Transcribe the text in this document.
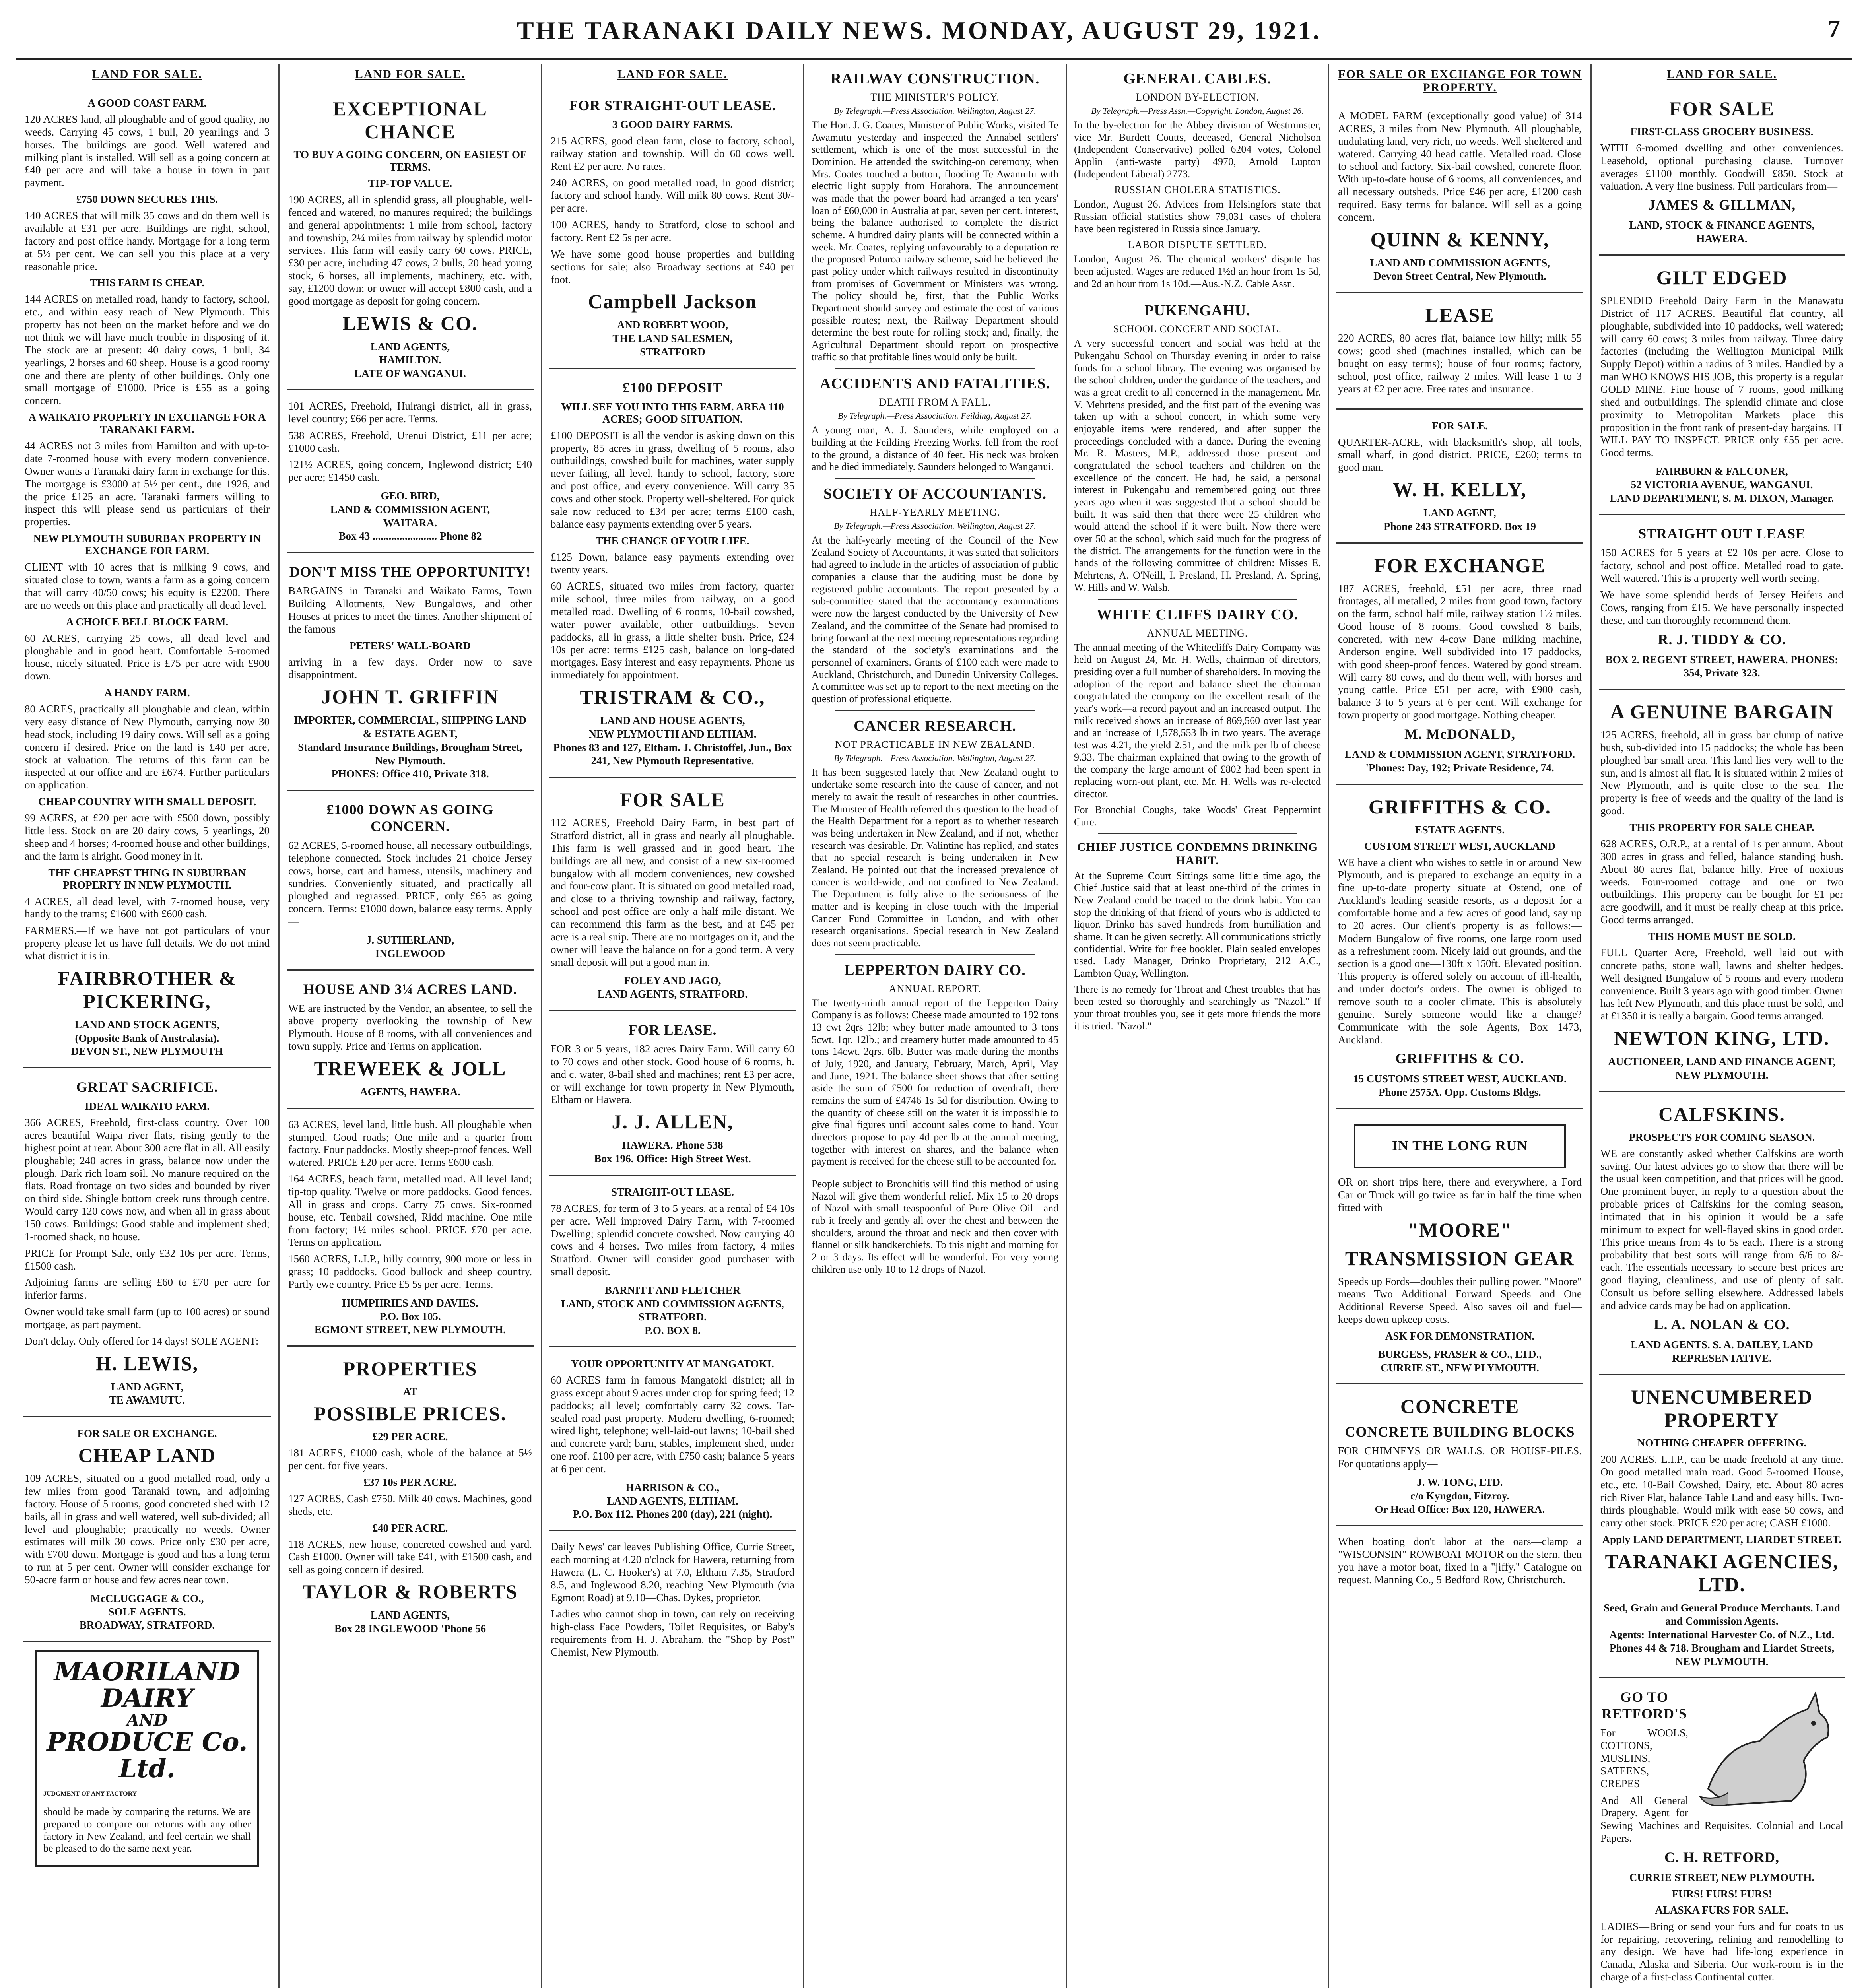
THE TARANAKI DAILY NEWS. MONDAY, AUGUST 29, 1921.	7
LAND FOR SALE.
A GOOD COAST FARM.

120 ACRES land, all ploughable and of good quality, no weeds. Carrying 45 cows, 1 bull, 20 yearlings and 3 horses. The buildings are good. Well watered and milking plant is installed. Will sell as a going concern at £40 per acre and will take a house in town in part payment.

£750 DOWN SECURES THIS.

140 ACRES that will milk 35 cows and do them well is available at £31 per acre. Buildings are right, school, factory and post office handy. Mortgage for a long term at 5½ per cent. We can sell you this place at a very reasonable price.

THIS FARM IS CHEAP.

144 ACRES on metalled road, handy to factory, school, etc., and within easy reach of New Plymouth. This property has not been on the market before and we do not think we will have much trouble in disposing of it. The stock are at present: 40 dairy cows, 1 bull, 34 yearlings, 2 horses and 60 sheep. House is a good roomy one and there are plenty of other buildings. Only one small mortgage of £1000. Price is £55 as a going concern.

A WAIKATO PROPERTY IN EXCHANGE FOR A TARANAKI FARM.

44 ACRES not 3 miles from Hamilton and with up-to-date 7-roomed house with every modern convenience. Owner wants a Taranaki dairy farm in exchange for this. The mortgage is £3000 at 5½ per cent., due 1926, and the price £125 an acre. Taranaki farmers willing to inspect this will please send us particulars of their properties.

NEW PLYMOUTH SUBURBAN PROPERTY IN EXCHANGE FOR FARM.

CLIENT with 10 acres that is milking 9 cows, and situated close to town, wants a farm as a going concern that will carry 40/50 cows; his equity is £2200. There are no weeds on this place and practically all dead level.

A CHOICE BELL BLOCK FARM.

60 ACRES, carrying 25 cows, all dead level and ploughable and in good heart. Comfortable 5-roomed house, nicely situated. Price is £75 per acre with £900 down.

A HANDY FARM.

80 ACRES, practically all ploughable and clean, within very easy distance of New Plymouth, carrying now 30 head stock, including 19 dairy cows. Will sell as a going concern if desired. Price on the land is £40 per acre, stock at valuation. The returns of this farm can be inspected at our office and are £674. Further particulars on application.

CHEAP COUNTRY WITH SMALL DEPOSIT.

99 ACRES, at £20 per acre with £500 down, possibly little less. Stock on are 20 dairy cows, 5 yearlings, 20 sheep and 4 horses; 4-roomed house and other buildings, and the farm is alright. Good money in it.

THE CHEAPEST THING IN SUBURBAN PROPERTY IN NEW PLYMOUTH.

4 ACRES, all dead level, with 7-roomed house, very handy to the trams; £1600 with £600 cash.

FARMERS.—If we have not got particulars of your property please let us have full details. We do not mind what district it is in.

FAIRBROTHER & PICKERING,
LAND AND STOCK AGENTS,
(Opposite Bank of Australasia).
DEVON ST., NEW PLYMOUTH
GREAT SACRIFICE.
IDEAL WAIKATO FARM.

366 ACRES, Freehold, first-class country. Over 100 acres beautiful Waipa river flats, rising gently to the highest point at rear. About 300 acre flat in all. All easily ploughable; 240 acres in grass, balance now under the plough. Dark rich loam soil. No manure required on the flats. Road frontage on two sides and bounded by river on third side. Shingle bottom creek runs through centre. Would carry 120 cows now, and when all in grass about 150 cows. Buildings: Good stable and implement shed; 1-roomed shack, no house.

PRICE for Prompt Sale, only £32 10s per acre. Terms, £1500 cash.

Adjoining farms are selling £60 to £70 per acre for inferior farms.

Owner would take small farm (up to 100 acres) or sound mortgage, as part payment.

Don't delay. Only offered for 14 days! SOLE AGENT:

H. LEWIS,
LAND AGENT,
TE AWAMUTU.
FOR SALE OR EXCHANGE.
CHEAP LAND

109 ACRES, situated on a good metalled road, only a few miles from good Taranaki town, and adjoining factory. House of 5 rooms, good concreted shed with 12 bails, all in grass and well watered, well sub-divided; all level and ploughable; practically no weeds. Owner estimates will milk 30 cows. Price only £30 per acre, with £700 down. Mortgage is good and has a long term to run at 5 per cent. Owner will consider exchange for 50-acre farm or house and few acres near town.

McCLUGGAGE & CO.,
SOLE AGENTS.
BROADWAY, STRATFORD.
MAORILAND DAIRY
AND
PRODUCE Co. Ltd.
JUDGMENT OF ANY FACTORY

should be made by comparing the returns. We are prepared to compare our returns with any other factory in New Zealand, and feel certain we shall be pleased to do the same next year.

LAND FOR SALE.
EXCEPTIONAL CHANCE
TO BUY A GOING CONCERN, ON EASIEST OF TERMS.
TIP-TOP VALUE.

190 ACRES, all in splendid grass, all ploughable, well-fenced and watered, no manures required; the buildings and general appointments: 1 mile from school, factory and township, 2¼ miles from railway by splendid motor services. This farm will easily carry 60 cows. PRICE, £30 per acre, including 47 cows, 2 bulls, 20 head young stock, 6 horses, all implements, machinery, etc. with, say, £1200 down; or owner will accept £800 cash, and a good mortgage as deposit for going concern.

LEWIS & CO.
LAND AGENTS,
HAMILTON.
LATE OF WANGANUI.

101 ACRES, Freehold, Huirangi district, all in grass, level country; £66 per acre. Terms.

538 ACRES, Freehold, Urenui District, £11 per acre; £1000 cash.

121½ ACRES, going concern, Inglewood district; £40 per acre; £1450 cash.

GEO. BIRD,
LAND & COMMISSION AGENT,
WAITARA.
Box 43 ........................ Phone 82
DON'T MISS THE OPPORTUNITY!

BARGAINS in Taranaki and Waikato Farms, Town Building Allotments, New Bungalows, and other Houses at prices to meet the times. Another shipment of the famous

PETERS' WALL-BOARD

arriving in a few days. Order now to save disappointment.

JOHN T. GRIFFIN
IMPORTER, COMMERCIAL, SHIPPING LAND & ESTATE AGENT,
Standard Insurance Buildings, Brougham Street, New Plymouth.
PHONES: Office 410, Private 318.
£1000 DOWN AS GOING CONCERN.

62 ACRES, 5-roomed house, all necessary outbuildings, telephone connected. Stock includes 21 choice Jersey cows, horse, cart and harness, utensils, machinery and sundries. Conveniently situated, and practically all ploughed and regrassed. PRICE, only £65 as going concern. Terms: £1000 down, balance easy terms. Apply—

J. SUTHERLAND,
INGLEWOOD
HOUSE AND 3¼ ACRES LAND.

WE are instructed by the Vendor, an absentee, to sell the above property overlooking the township of New Plymouth. House of 8 rooms, with all conveniences and town supply. Price and Terms on application.

TREWEEK & JOLL
AGENTS, HAWERA.

63 ACRES, level land, little bush. All ploughable when stumped. Good roads; One mile and a quarter from factory. Four paddocks. Mostly sheep-proof fences. Well watered. PRICE £20 per acre. Terms £600 cash.

164 ACRES, beach farm, metalled road. All level land; tip-top quality. Twelve or more paddocks. Good fences. All in grass and crops. Carry 75 cows. Six-roomed house, etc. Tenbail cowshed, Ridd machine. One mile from factory; 1¼ miles school. PRICE £70 per acre. Terms on application.

1560 ACRES, L.I.P., hilly country, 900 more or less in grass; 10 paddocks. Good bullock and sheep country. Partly ewe country. Price £5 5s per acre. Terms.

HUMPHRIES AND DAVIES.
P.O. Box 105.
EGMONT STREET, NEW PLYMOUTH.
PROPERTIES
AT
POSSIBLE PRICES.
£29 PER ACRE.

181 ACRES, £1000 cash, whole of the balance at 5½ per cent. for five years.

£37 10s PER ACRE.

127 ACRES, Cash £750. Milk 40 cows. Machines, good sheds, etc.

£40 PER ACRE.

118 ACRES, new house, concreted cowshed and yard. Cash £1000. Owner will take £41, with £1500 cash, and sell as going concern if desired.

TAYLOR & ROBERTS
LAND AGENTS,
Box 28 INGLEWOOD 'Phone 56
LAND FOR SALE.
FOR STRAIGHT-OUT LEASE.
3 GOOD DAIRY FARMS.

215 ACRES, good clean farm, close to factory, school, railway station and township. Will do 60 cows well. Rent £2 per acre. No rates.

240 ACRES, on good metalled road, in good district; factory and school handy. Will milk 80 cows. Rent 30/- per acre.

100 ACRES, handy to Stratford, close to school and factory. Rent £2 5s per acre.

We have some good house properties and building sections for sale; also Broadway sections at £40 per foot.

Campbell Jackson
AND ROBERT WOOD,
THE LAND SALESMEN,
STRATFORD
£100 DEPOSIT
WILL SEE YOU INTO THIS FARM. AREA 110 ACRES; GOOD SITUATION.

£100 DEPOSIT is all the vendor is asking down on this property, 85 acres in grass, dwelling of 5 rooms, also outbuildings, cowshed built for machines, water supply never failing, all level, handy to school, factory, store and post office, and every convenience. Will carry 35 cows and other stock. Property well-sheltered. For quick sale now reduced to £34 per acre; terms £100 cash, balance easy payments extending over 5 years.

THE CHANCE OF YOUR LIFE.

£125 Down, balance easy payments extending over twenty years.

60 ACRES, situated two miles from factory, quarter mile school, three miles from railway, on a good metalled road. Dwelling of 6 rooms, 10-bail cowshed, water power available, other outbuildings. Seven paddocks, all in grass, a little shelter bush. Price, £24 10s per acre: terms £125 cash, balance on long-dated mortgages. Easy interest and easy repayments. Phone us immediately for appointment.

TRISTRAM & CO.,
LAND AND HOUSE AGENTS,
NEW PLYMOUTH AND ELTHAM.
Phones 83 and 127, Eltham. J. Christoffel, Jun., Box 241, New Plymouth Representative.
FOR SALE

112 ACRES, Freehold Dairy Farm, in best part of Stratford district, all in grass and nearly all ploughable. This farm is well grassed and in good heart. The buildings are all new, and consist of a new six-roomed bungalow with all modern conveniences, new cowshed and four-cow plant. It is situated on good metalled road, and close to a thriving township and railway, factory, school and post office are only a half mile distant. We can recommend this farm as the best, and at £45 per acre is a real snip. There are no mortgages on it, and the owner will leave the balance on for a good term. A very small deposit will put a good man in.

FOLEY AND JAGO,
LAND AGENTS, STRATFORD.
FOR LEASE.

FOR 3 or 5 years, 182 acres Dairy Farm. Will carry 60 to 70 cows and other stock. Good house of 6 rooms, h. and c. water, 8-bail shed and machines; rent £3 per acre, or will exchange for town property in New Plymouth, Eltham or Hawera.

J. J. ALLEN,
HAWERA. Phone 538
Box 196. Office: High Street West.
STRAIGHT-OUT LEASE.

78 ACRES, for term of 3 to 5 years, at a rental of £4 10s per acre. Well improved Dairy Farm, with 7-roomed Dwelling; splendid concrete cowshed. Now carrying 40 cows and 4 horses. Two miles from factory, 4 miles Stratford. Owner will consider good purchaser with small deposit.

BARNITT AND FLETCHER
LAND, STOCK AND COMMISSION AGENTS,
STRATFORD.
P.O. BOX 8.
YOUR OPPORTUNITY AT MANGATOKI.

60 ACRES farm in famous Mangatoki district; all in grass except about 9 acres under crop for spring feed; 12 paddocks; all level; comfortably carry 32 cows. Tar-sealed road past property. Modern dwelling, 6-roomed; wired light, telephone; well-laid-out lawns; 10-bail shed and concrete yard; barn, stables, implement shed, under one roof. £100 per acre, with £750 cash; balance 5 years at 6 per cent.

HARRISON & CO.,
LAND AGENTS, ELTHAM.
P.O. Box 112. Phones 200 (day), 221 (night).

Daily News' car leaves Publishing Office, Currie Street, each morning at 4.20 o'clock for Hawera, returning from Hawera (L. C. Hooker's) at 7.0, Eltham 7.35, Stratford 8.5, and Inglewood 8.20, reaching New Plymouth (via Egmont Road) at 9.10—Chas. Dykes, proprietor.

Ladies who cannot shop in town, can rely on receiving high-class Face Powders, Toilet Requisites, or Baby's requirements from H. J. Abraham, the "Shop by Post" Chemist, New Plymouth.

RAILWAY CONSTRUCTION.
THE MINISTER'S POLICY.
By Telegraph.—Press Association. Wellington, August 27.
The Hon. J. G. Coates, Minister of Public Works, visited Te Awamutu yesterday and inspected the Annabel settlers' settlement, which is one of the most successful in the Dominion. He attended the switching-on ceremony, when Mrs. Coates touched a button, flooding Te Awamutu with electric light supply from Horahora. The announcement was made that the power board had arranged a ten years' loan of £60,000 in Australia at par, seven per cent. interest, being the balance authorised to complete the district scheme. A hundred dairy plants will be connected within a week. Mr. Coates, replying unfavourably to a deputation re the proposed Puturoa railway scheme, said he believed the past policy under which railways resulted in discontinuity from promises of Government or Ministers was wrong. The policy should be, first, that the Public Works Department should survey and estimate the cost of various possible routes; next, the Railway Department should determine the best route for rolling stock; and, finally, the Agricultural Department should report on prospective traffic so that profitable lines would only be built.
ACCIDENTS AND FATALITIES.
DEATH FROM A FALL.
By Telegraph.—Press Association. Feilding, August 27.
A young man, A. J. Saunders, while employed on a building at the Feilding Freezing Works, fell from the roof to the ground, a distance of 40 feet. His neck was broken and he died immediately. Saunders belonged to Wanganui.
SOCIETY OF ACCOUNTANTS.
HALF-YEARLY MEETING.
By Telegraph.—Press Association. Wellington, August 27.
At the half-yearly meeting of the Council of the New Zealand Society of Accountants, it was stated that solicitors had agreed to include in the articles of association of public companies a clause that the auditing must be done by registered public accountants. The report presented by a sub-committee stated that the accountancy examinations were now the largest conducted by the University of New Zealand, and the committee of the Senate had promised to bring forward at the next meeting representations regarding the standard of the society's examinations and the personnel of examiners. Grants of £100 each were made to Auckland, Christchurch, and Dunedin University Colleges. A committee was set up to report to the next meeting on the question of professional etiquette.
CANCER RESEARCH.
NOT PRACTICABLE IN NEW ZEALAND.
By Telegraph.—Press Association. Wellington, August 27.
It has been suggested lately that New Zealand ought to undertake some research into the cause of cancer, and not merely to await the result of researches in other countries. The Minister of Health referred this question to the head of the Health Department for a report as to whether research was being undertaken in New Zealand, and if not, whether research was desirable. Dr. Valintine has replied, and states that no special research is being undertaken in New Zealand. He pointed out that the increased prevalence of cancer is world-wide, and not confined to New Zealand. The Department is fully alive to the seriousness of the matter and is keeping in close touch with the Imperial Cancer Fund Committee in London, and with other research organisations. Special research in New Zealand does not seem practicable.
LEPPERTON DAIRY CO.
ANNUAL REPORT.
The twenty-ninth annual report of the Lepperton Dairy Company is as follows: Cheese made amounted to 192 tons 13 cwt 2qrs 12lb; whey butter made amounted to 3 tons 5cwt. 1qr. 12lb.; and creamery butter made amounted to 45 tons 14cwt. 2qrs. 6lb. Butter was made during the months of July, 1920, and January, February, March, April, May and June, 1921. The balance sheet shows that after setting aside the sum of £500 for reduction of overdraft, there remains the sum of £4746 1s 5d for distribution. Owing to the quantity of cheese still on the water it is impossible to give final figures until account sales come to hand. Your directors propose to pay 4d per lb at the annual meeting, together with interest on shares, and the balance when payment is received for the cheese still to be accounted for.
People subject to Bronchitis will find this method of using Nazol will give them wonderful relief. Mix 15 to 20 drops of Nazol with small teaspoonful of Pure Olive Oil—and rub it freely and gently all over the chest and between the shoulders, around the throat and neck and then cover with flannel or silk handkerchiefs. To this night and morning for 2 or 3 days. Its effect will be wonderful. For very young children use only 10 to 12 drops of Nazol.
GENERAL CABLES.
LONDON BY-ELECTION.
By Telegraph.—Press Assn.—Copyright. London, August 26.
In the by-election for the Abbey division of Westminster, vice Mr. Burdett Coutts, deceased, General Nicholson (Independent Conservative) polled 6204 votes, Colonel Applin (anti-waste party) 4970, Arnold Lupton (Independent Liberal) 2773.
RUSSIAN CHOLERA STATISTICS.
London, August 26. Advices from Helsingfors state that Russian official statistics show 79,031 cases of cholera have been registered in Russia since January.
LABOR DISPUTE SETTLED.
London, August 26. The chemical workers' dispute has been adjusted. Wages are reduced 1½d an hour from 1s 5d, and 2d an hour from 1s 10d.—Aus.-N.Z. Cable Assn.
PUKENGAHU.
SCHOOL CONCERT AND SOCIAL.
A very successful concert and social was held at the Pukengahu School on Thursday evening in order to raise funds for a school library. The evening was organised by the school children, under the guidance of the teachers, and was a great credit to all concerned in the management. Mr. V. Mehrtens presided, and the first part of the evening was taken up with a school concert, in which some very enjoyable items were rendered, and after supper the proceedings concluded with a dance. During the evening Mr. R. Masters, M.P., addressed those present and congratulated the school teachers and children on the excellence of the concert. He had, he said, a personal interest in Pukengahu and remembered going out three years ago when it was suggested that a school should be built. It was said then that there were 25 children who would attend the school if it were built. Now there were over 50 at the school, which said much for the progress of the district. The arrangements for the function were in the hands of the following committee of children: Misses E. Mehrtens, A. O'Neill, I. Presland, H. Presland, A. Spring, W. Hills and W. Walsh.
WHITE CLIFFS DAIRY CO.
ANNUAL MEETING.
The annual meeting of the Whitecliffs Dairy Company was held on August 24, Mr. H. Wells, chairman of directors, presiding over a full number of shareholders. In moving the adoption of the report and balance sheet the chairman congratulated the company on the excellent result of the year's work—a record payout and an increased output. The milk received shows an increase of 869,560 over last year and an increase of 1,578,553 lb in two years. The average test was 4.21, the yield 2.51, and the milk per lb of cheese 9.33. The chairman explained that owing to the growth of the company the large amount of £802 had been spent in replacing worn-out plant, etc. Mr. H. Wells was re-elected director.
For Bronchial Coughs, take Woods' Great Peppermint Cure.
CHIEF JUSTICE CONDEMNS DRINKING HABIT.
At the Supreme Court Sittings some little time ago, the Chief Justice said that at least one-third of the crimes in New Zealand could be traced to the drink habit. You can stop the drinking of that friend of yours who is addicted to liquor. Drinko has saved hundreds from humiliation and shame. It can be given secretly. All communications strictly confidential. Write for free booklet. Plain sealed envelopes used. Lady Manager, Drinko Proprietary, 212 A.C., Lambton Quay, Wellington.
There is no remedy for Throat and Chest troubles that has been tested so thoroughly and searchingly as "Nazol." If your throat troubles you, see it gets more friends the more it is tried. "Nazol."
FOR SALE OR EXCHANGE FOR TOWN PROPERTY.

A MODEL FARM (exceptionally good value) of 314 ACRES, 3 miles from New Plymouth. All ploughable, undulating land, very rich, no weeds. Well sheltered and watered. Carrying 40 head cattle. Metalled road. Close to school and factory. Six-bail cowshed, concrete floor. With up-to-date house of 6 rooms, all conveniences, and all necessary outsheds. Price £46 per acre, £1200 cash required. Easy terms for balance. Will sell as a going concern.

QUINN & KENNY,
LAND AND COMMISSION AGENTS,
Devon Street Central, New Plymouth.
LEASE

220 ACRES, 80 acres flat, balance low hilly; milk 55 cows; good shed (machines installed, which can be bought on easy terms); house of four rooms; factory, school, post office, railway 2 miles. Will lease 1 to 3 years at £2 per acre. Free rates and insurance.

FOR SALE.

QUARTER-ACRE, with blacksmith's shop, all tools, small wharf, in good district. PRICE, £260; terms to good man.

W. H. KELLY,
LAND AGENT,
Phone 243 STRATFORD. Box 19
FOR EXCHANGE

187 ACRES, freehold, £51 per acre, three road frontages, all metalled, 2 miles from good town, factory on the farm, school half mile, railway station 1½ miles. Good house of 8 rooms. Good cowshed 8 bails, concreted, with new 4-cow Dane milking machine, Anderson engine. Well subdivided into 17 paddocks, with good sheep-proof fences. Watered by good stream. Will carry 80 cows, and do them well, with horses and young cattle. Price £51 per acre, with £900 cash, balance 3 to 5 years at 6 per cent. Will exchange for town property or good mortgage. Nothing cheaper.

M. McDONALD,
LAND & COMMISSION AGENT, STRATFORD.
'Phones: Day, 192; Private Residence, 74.
GRIFFITHS & CO.
ESTATE AGENTS.
CUSTOM STREET WEST, AUCKLAND

WE have a client who wishes to settle in or around New Plymouth, and is prepared to exchange an equity in a fine up-to-date property situate at Ostend, one of Auckland's leading seaside resorts, as a deposit for a comfortable home and a few acres of good land, say up to 20 acres. Our client's property is as follows:—Modern Bungalow of five rooms, one large room used as a refreshment room. Nicely laid out grounds, and the section is a good one—130ft x 150ft. Elevated position. This property is offered solely on account of ill-health, and under doctor's orders. The owner is obliged to remove south to a cooler climate. This is absolutely genuine. Surely someone would like a change? Communicate with the sole Agents, Box 1473, Auckland.

GRIFFITHS & CO.
15 CUSTOMS STREET WEST, AUCKLAND.
Phone 2575A. Opp. Customs Bldgs.
IN THE LONG RUN

OR on short trips here, there and everywhere, a Ford Car or Truck will go twice as far in half the time when fitted with

"MOORE"
TRANSMISSION GEAR

Speeds up Fords—doubles their pulling power. "Moore" means Two Additional Forward Speeds and One Additional Reverse Speed. Also saves oil and fuel—keeps down upkeep costs.

ASK FOR DEMONSTRATION.
BURGESS, FRASER & CO., LTD.,
CURRIE ST., NEW PLYMOUTH.
CONCRETE
CONCRETE BUILDING BLOCKS

FOR CHIMNEYS OR WALLS. OR HOUSE-PILES. For quotations apply—

J. W. TONG, LTD.
c/o Kyngdon, Fitzroy.
Or Head Office: Box 120, HAWERA.

When boating don't labor at the oars—clamp a "WISCONSIN" ROWBOAT MOTOR on the stern, then you have a motor boat, fixed in a "jiffy." Catalogue on request. Manning Co., 5 Bedford Row, Christchurch.

LAND FOR SALE.
FOR SALE
FIRST-CLASS GROCERY BUSINESS.

WITH 6-roomed dwelling and other conveniences. Leasehold, optional purchasing clause. Turnover averages £1100 monthly. Goodwill £850. Stock at valuation. A very fine business. Full particulars from—

JAMES & GILLMAN,
LAND, STOCK & FINANCE AGENTS,
HAWERA.
GILT EDGED

SPLENDID Freehold Dairy Farm in the Manawatu District of 117 ACRES. Beautiful flat country, all ploughable, subdivided into 10 paddocks, well watered; will carry 60 cows; 3 miles from railway. Three dairy factories (including the Wellington Municipal Milk Supply Depot) within a radius of 3 miles. Handled by a man WHO KNOWS HIS JOB, this property is a regular GOLD MINE. Fine house of 7 rooms, good milking shed and outbuildings. The splendid climate and close proximity to Metropolitan Markets place this proposition in the front rank of present-day bargains. IT WILL PAY TO INSPECT. PRICE only £55 per acre. Good terms.

FAIRBURN & FALCONER,
52 VICTORIA AVENUE, WANGANUI.
LAND DEPARTMENT, S. M. DIXON, Manager.
STRAIGHT OUT LEASE

150 ACRES for 5 years at £2 10s per acre. Close to factory, school and post office. Metalled road to gate. Well watered. This is a property well worth seeing.

We have some splendid herds of Jersey Heifers and Cows, ranging from £15. We have personally inspected these, and can thoroughly recommend them.

R. J. TIDDY & CO.
BOX 2. REGENT STREET, HAWERA. PHONES: 354, Private 323.
A GENUINE BARGAIN

125 ACRES, freehold, all in grass bar clump of native bush, sub-divided into 15 paddocks; the whole has been ploughed bar small area. This land lies very well to the sun, and is almost all flat. It is situated within 2 miles of New Plymouth, and is quite close to the sea. The property is free of weeds and the quality of the land is good.

THIS PROPERTY FOR SALE CHEAP.

628 ACRES, O.R.P., at a rental of 1s per annum. About 300 acres in grass and felled, balance standing bush. About 80 acres flat, balance hilly. Free of noxious weeds. Four-roomed cottage and one or two outbuildings. This property can be bought for £1 per acre goodwill, and it must be really cheap at this price. Good terms arranged.

THIS HOME MUST BE SOLD.

FULL Quarter Acre, Freehold, well laid out with concrete paths, stone wall, lawns and shelter hedges. Well designed Bungalow of 5 rooms and every modern convenience. Built 3 years ago with good timber. Owner has left New Plymouth, and this place must be sold, and at £1350 it is really a bargain. Good terms arranged.

NEWTON KING, LTD.
AUCTIONEER, LAND AND FINANCE AGENT, NEW PLYMOUTH.
CALFSKINS.
PROSPECTS FOR COMING SEASON.

WE are constantly asked whether Calfskins are worth saving. Our latest advices go to show that there will be the usual keen competition, and that prices will be good. One prominent buyer, in reply to a question about the probable prices of Calfskins for the coming season, intimated that in his opinion it would be a safe minimum to expect for well-flayed skins in good order. This price means from 4s to 5s each. There is a strong probability that best sorts will range from 6/6 to 8/- each. The essentials necessary to secure best prices are good flaying, cleanliness, and use of plenty of salt. Consult us before selling elsewhere. Addressed labels and advice cards may be had on application.

L. A. NOLAN & CO.
LAND AGENTS. S. A. DAILEY, LAND REPRESENTATIVE.
UNENCUMBERED PROPERTY
NOTHING CHEAPER OFFERING.

200 ACRES, L.I.P., can be made freehold at any time. On good metalled main road. Good 5-roomed House, etc., etc. 10-Bail Cowshed, Dairy, etc. About 80 acres rich River Flat, balance Table Land and easy hills. Two-thirds ploughable. Would milk with ease 50 cows, and carry other stock. PRICE £20 per acre; CASH £1000.

Apply LAND DEPARTMENT, LIARDET STREET.
TARANAKI AGENCIES, LTD.
Seed, Grain and General Produce Merchants. Land and Commission Agents.
Agents: International Harvester Co. of N.Z., Ltd.
Phones 44 & 718. Brougham and Liardet Streets, NEW PLYMOUTH.
GO TO RETFORD'S

For WOOLS, COTTONS, MUSLINS, SATEENS, CREPES

And All General Drapery. Agent for Sewing Machines and Requisites. Colonial and Local Papers.

C. H. RETFORD,
CURRIE STREET, NEW PLYMOUTH.
FURS! FURS! FURS!
ALASKA FURS FOR SALE.

LADIES—Bring or send your furs and fur coats to us for repairing, recovering, relining and remodelling to any design. We have had life-long experience in Canada, Alaska and Siberia. Our work-room is in the charge of a first-class Continental cutter.
